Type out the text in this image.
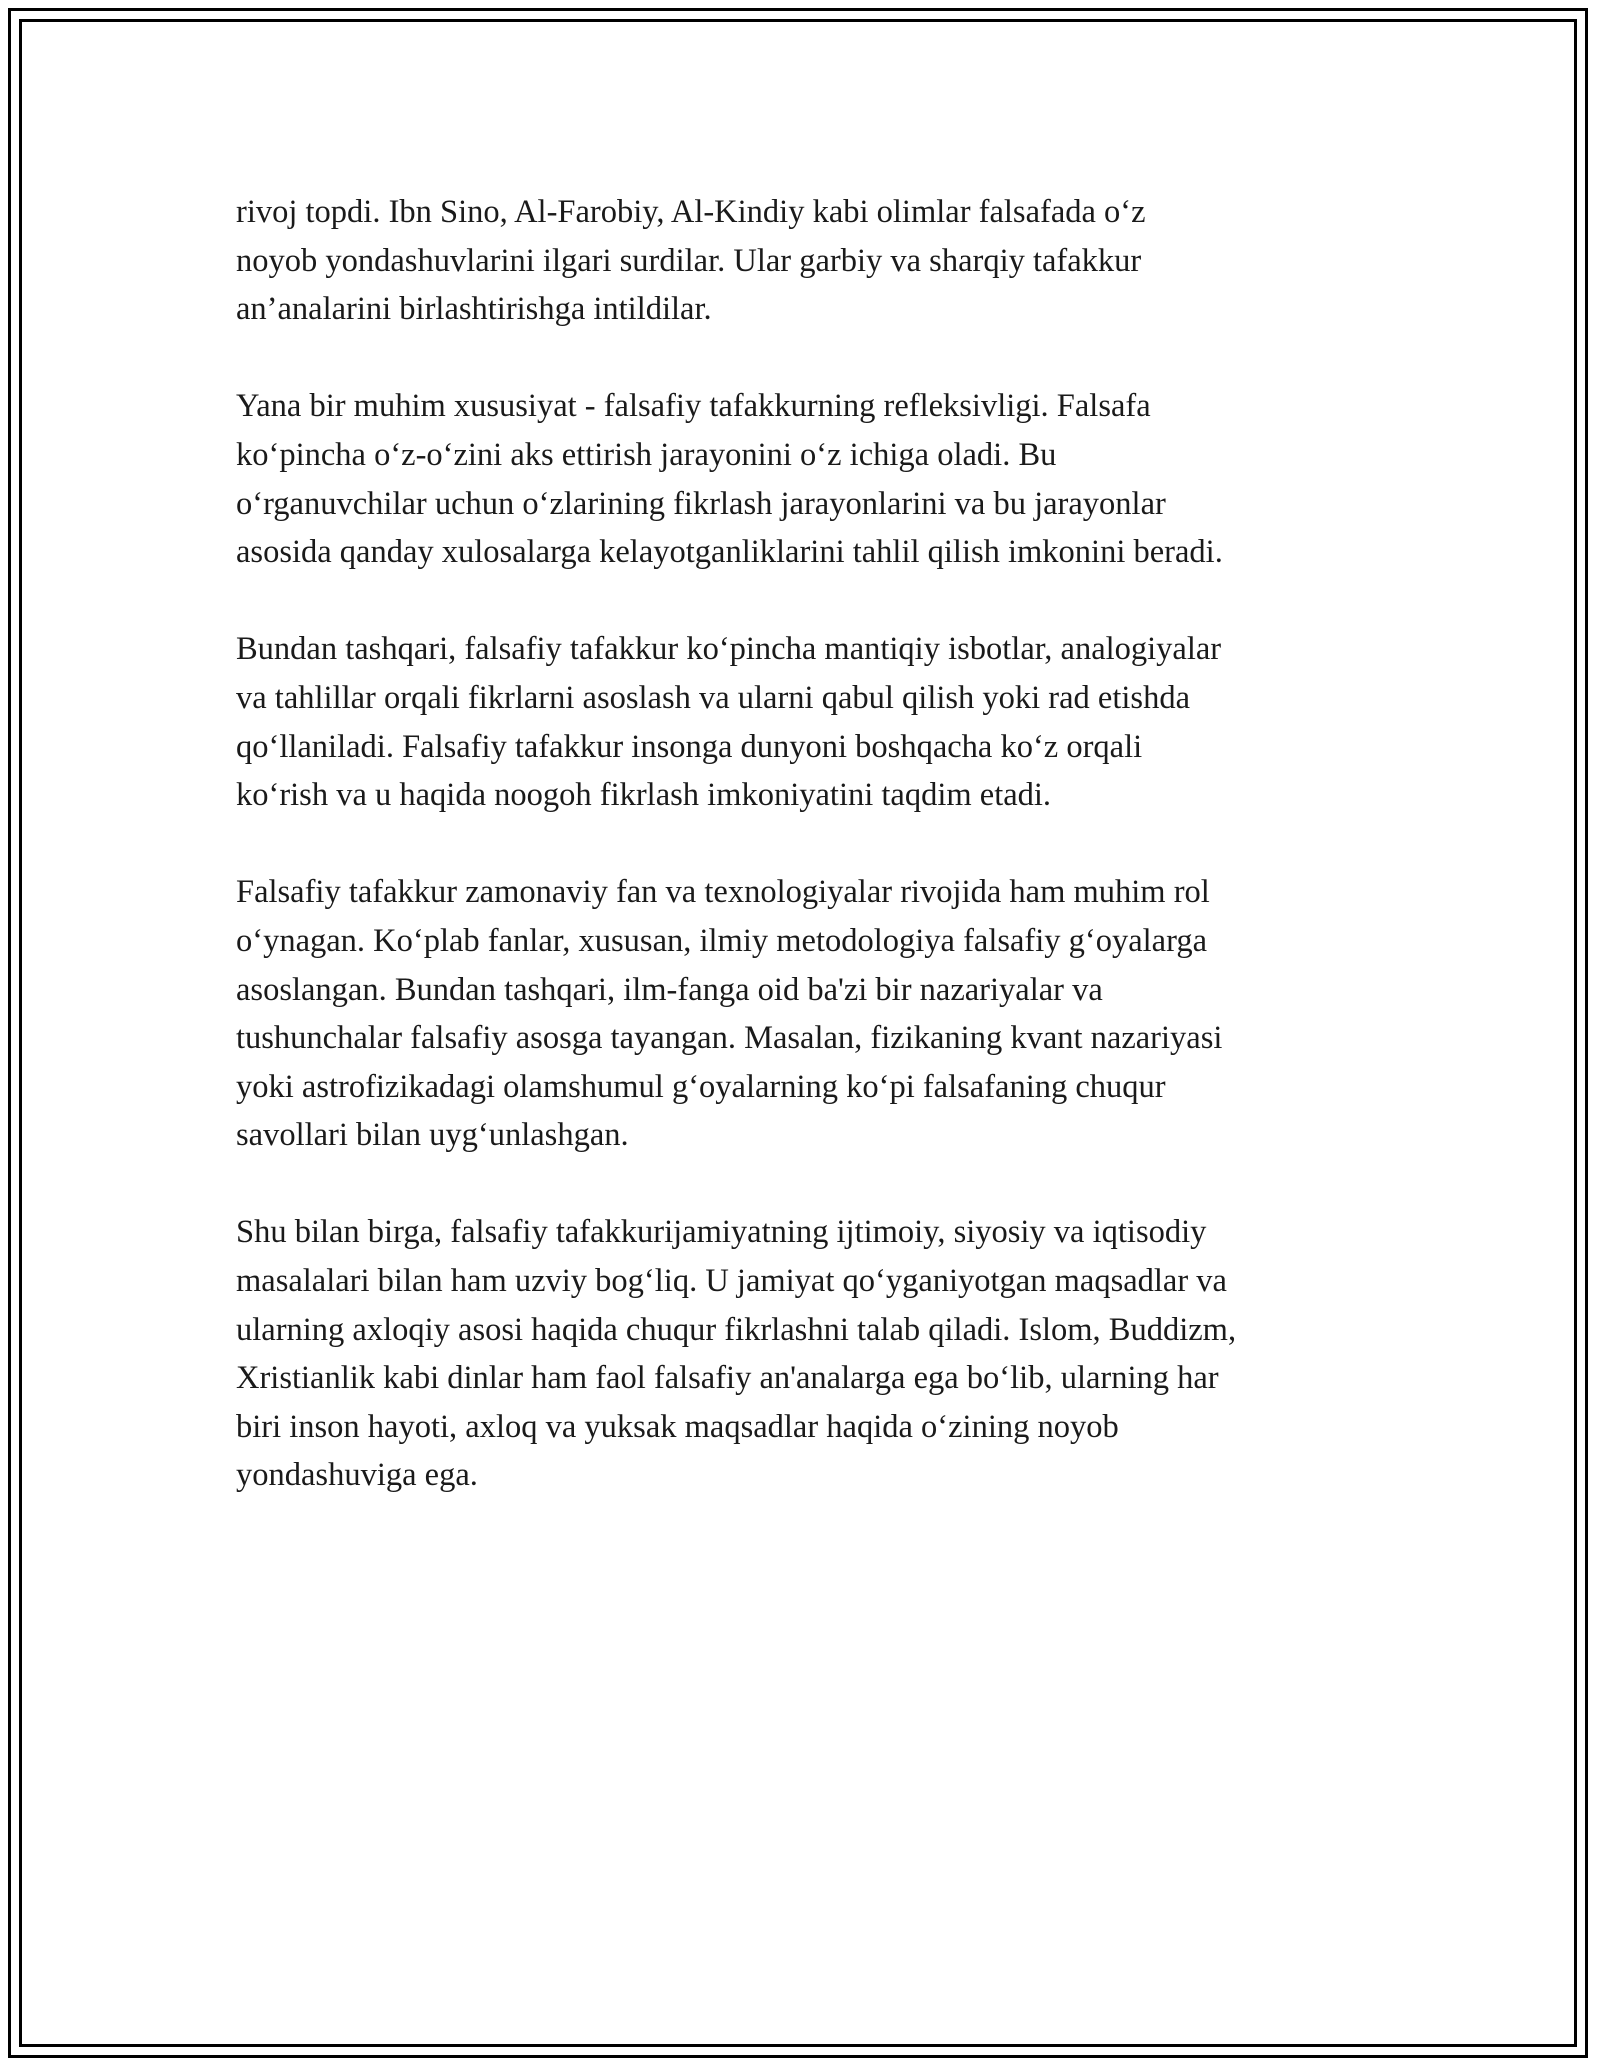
rivoj topdi. Ibn Sino, Al-Farobiy, Al-Kindiy kabi olimlar falsafada o‘z
noyob yondashuvlarini ilgari surdilar. Ular garbiy va sharqiy tafakkur
an’analarini birlashtirishga intildilar.

Yana bir muhim xususiyat - falsafiy tafakkurning refleksivligi. Falsafa
ko‘pincha o‘z-o‘zini aks ettirish jarayonini o‘z ichiga oladi. Bu
o‘rganuvchilar uchun o‘zlarining fikrlash jarayonlarini va bu jarayonlar
asosida qanday xulosalarga kelayotganliklarini tahlil qilish imkonini beradi.

Bundan tashqari, falsafiy tafakkur ko‘pincha mantiqiy isbotlar, analogiyalar
va tahlillar orqali fikrlarni asoslash va ularni qabul qilish yoki rad etishda
qo‘llaniladi. Falsafiy tafakkur insonga dunyoni boshqacha ko‘z orqali
ko‘rish va u haqida noogoh fikrlash imkoniyatini taqdim etadi.

Falsafiy tafakkur zamonaviy fan va texnologiyalar rivojida ham muhim rol
o‘ynagan. Ko‘plab fanlar, xususan, ilmiy metodologiya falsafiy g‘oyalarga
asoslangan. Bundan tashqari, ilm-fanga oid ba'zi bir nazariyalar va
tushunchalar falsafiy asosga tayangan. Masalan, fizikaning kvant nazariyasi
yoki astrofizikadagi olamshumul g‘oyalarning ko‘pi falsafaning chuqur
savollari bilan uyg‘unlashgan.

Shu bilan birga, falsafiy tafakkurijamiyatning ijtimoiy, siyosiy va iqtisodiy
masalalari bilan ham uzviy bog‘liq. U jamiyat qo‘yganiyotgan maqsadlar va
ularning axloqiy asosi haqida chuqur fikrlashni talab qiladi. Islom, Buddizm,
Xristianlik kabi dinlar ham faol falsafiy an'analarga ega bo‘lib, ularning har
biri inson hayoti, axloq va yuksak maqsadlar haqida o‘zining noyob
yondashuviga ega.
